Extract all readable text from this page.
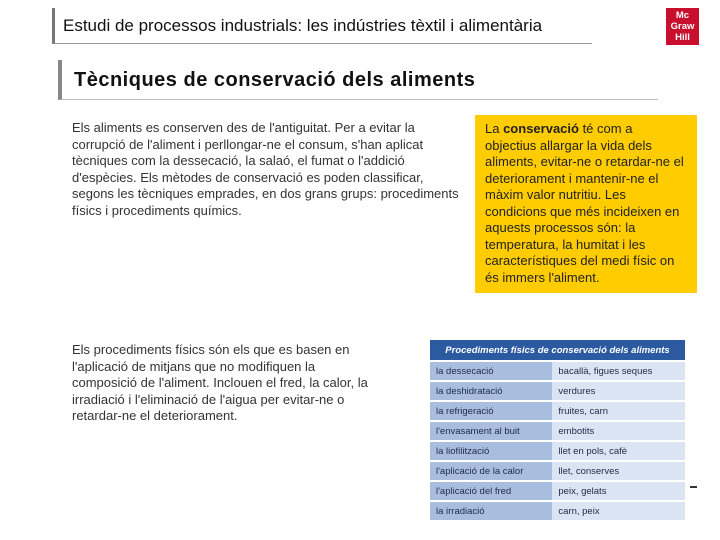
Estudi de processos industrials: les indústries tèxtil i alimentària
Mc
Graw
Hill
Tècniques de conservació dels aliments
Els aliments es conserven des de l'antiguitat. Per a evitar la corrupció de l'aliment i perllongar-ne el consum, s'han aplicat tècniques com la dessecació, la salaó, el fumat o l'addició d'espècies. Els mètodes de conservació es poden classificar, segons les tècniques emprades, en dos grans grups: procediments físics i procediments químics.
Els procediments físics són els que es basen en l'aplicació de mitjans que no modifiquen la composició de l'aliment. Inclouen el fred, la calor, la irradiació i l'eliminació de l'aigua per evitar-ne o retardar-ne el deteriorament.
La conservació té com a objectius allargar la vida dels aliments, evitar-ne o retardar-ne el deteriorament i mantenir-ne el màxim valor nutritiu. Les condicions que més incideixen en aquests processos són: la temperatura, la humitat i les característiques del medi físic on és immers l'aliment.
Procediments físics de conservació dels aliments	
la dessecació	bacallà, figues seques
la deshidratació	verdures
la refrigeració	fruites, carn
l'envasament al buit	embotits
la liofilització	llet en pols, cafè
l'aplicació de la calor	llet, conserves
l'aplicació del fred	peix, gelats
la irradiació	carn, peix
